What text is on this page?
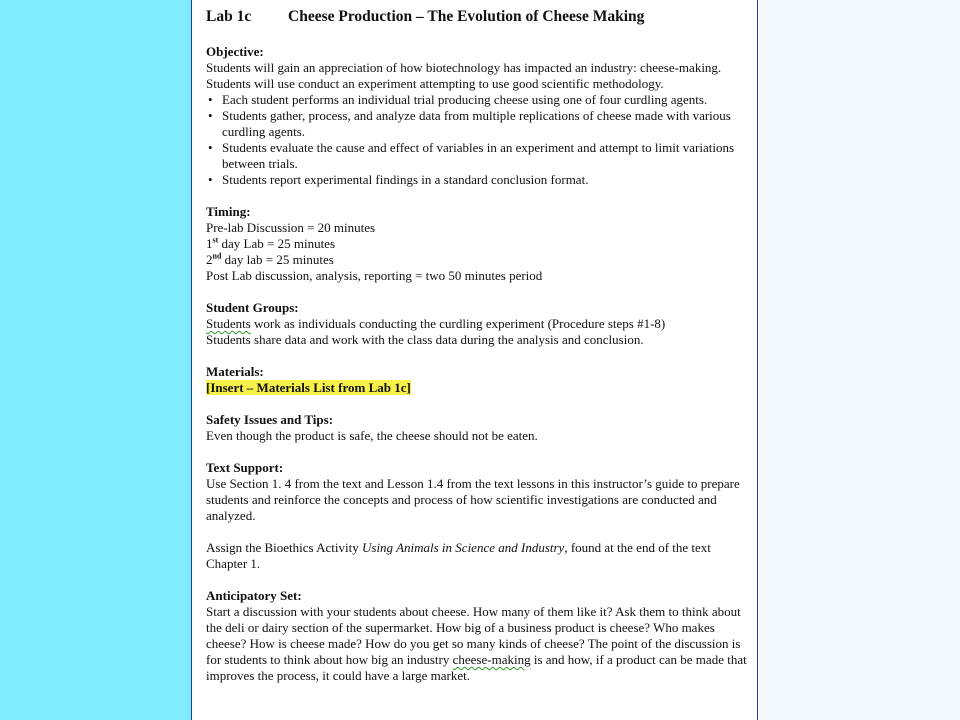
Lab 1c	Cheese Production – The Evolution of Cheese Making
Objective:

Students will gain an appreciation of how biotechnology has impacted an industry: cheese-making.

Students will use conduct an experiment attempting to use good scientific methodology.

• Each student performs an individual trial producing cheese using one of four curdling agents.
• Students gather, process, and analyze data from multiple replications of cheese made with various curdling agents.
• Students evaluate the cause and effect of variables in an experiment and attempt to limit variations between trials.
• Students report experimental findings in a standard conclusion format.
Timing:

Pre-lab Discussion = 20 minutes

1st day Lab = 25 minutes

2nd day lab = 25 minutes

Post Lab discussion, analysis, reporting = two 50 minutes period

Student Groups:

Students work as individuals conducting the curdling experiment (Procedure steps #1-8)

Students share data and work with the class data during the analysis and conclusion.

Materials:

[Insert – Materials List from Lab 1c]

Safety Issues and Tips:

Even though the product is safe, the cheese should not be eaten.

Text Support:

Use Section 1. 4 from the text and Lesson 1.4 from the text lessons in this instructor’s guide to prepare students and reinforce the concepts and process of how scientific investigations are conducted and analyzed.

Assign the Bioethics Activity Using Animals in Science and Industry, found at the end of the text Chapter 1.

Anticipatory Set:

Start a discussion with your students about cheese. How many of them like it? Ask them to think about the deli or dairy section of the supermarket. How big of a business product is cheese? Who makes cheese? How is cheese made? How do you get so many kinds of cheese? The point of the discussion is for students to think about how big an industry cheese-making is and how, if a product can be made that improves the process, it could have a large market.
